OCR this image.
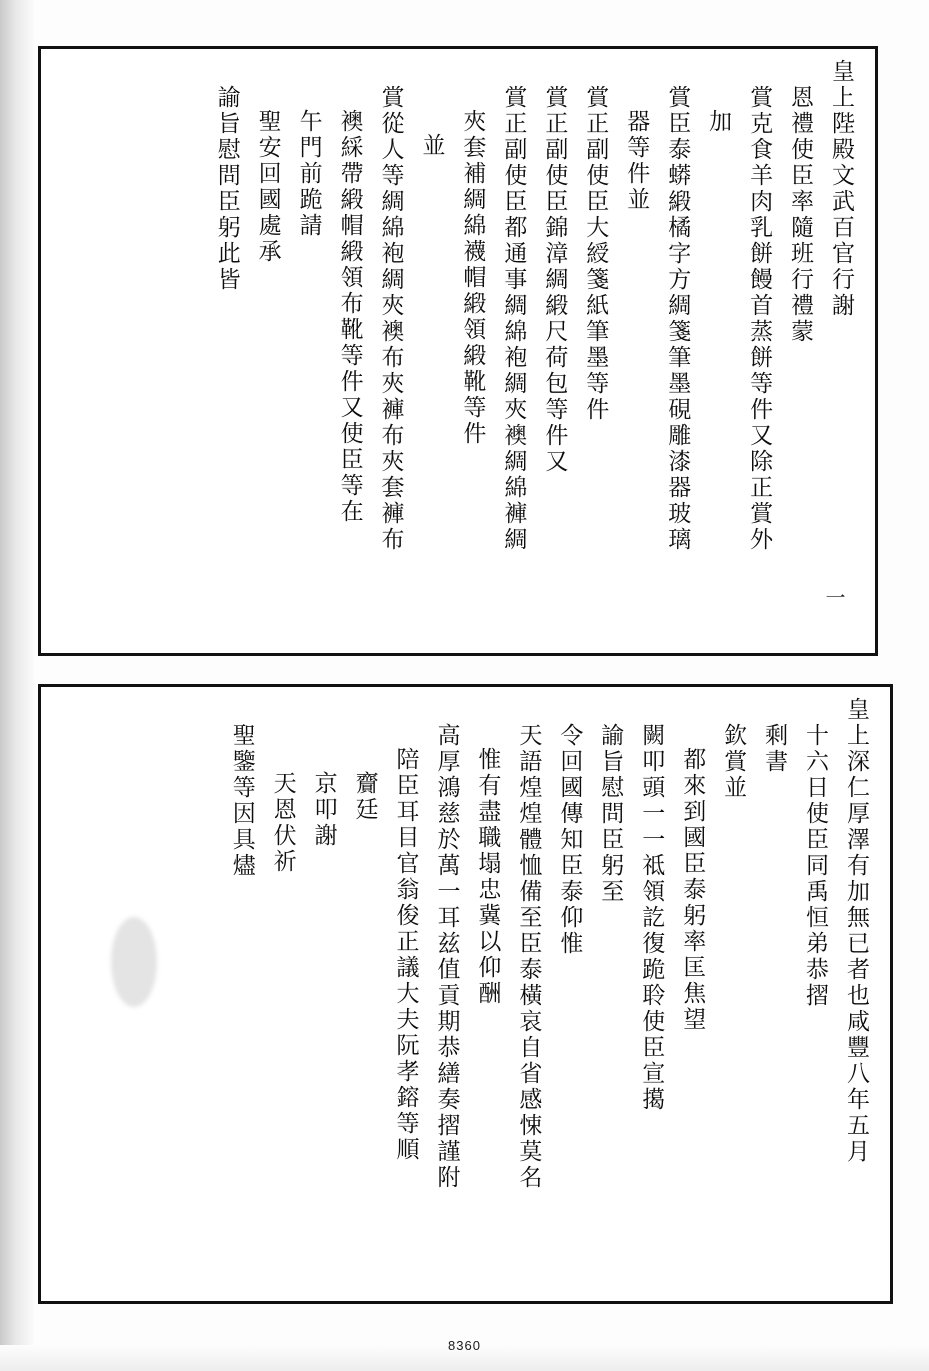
皇上陛殿文武百官行謝
恩禮使臣率隨班行禮蒙
賞克食羊肉乳餅饅首蒸餅等件又除正賞外
加
賞臣泰蟒緞橘字方綢箋筆墨硯雕漆器玻璃
器等件並
賞正副使臣大綬箋紙筆墨等件
賞正副使臣錦漳綢緞尺荷包等件又
賞正副使臣都通事綢綿袍綢夾襖綢綿褲綢
夾套補綢綿襪帽緞領緞靴等件
並
賞從人等綢綿袍綢夾襖布夾褲布夾套褲布
襖綵帶緞帽緞領布靴等件又使臣等在
午門前跪請
聖安回國處承
諭旨慰問臣躬此皆
一
皇上深仁厚澤有加無已者也咸豐八年五月
十六日使臣同禹恒弟恭摺
剩書
欽賞並
都來到國臣泰躬率匡焦望
闕叩頭一一祗領訖復跪聆使臣宣擖
諭旨慰問臣躬至
令回國傳知臣泰仰惟
天語煌煌體恤備至臣泰橫哀自省感悚莫名
惟有盡職塌忠冀以仰酬
高厚鴻慈於萬一耳兹值貢期恭繕奏摺謹附
陪臣耳目官翁俊正議大夫阮孝鎔等順
齎廷
京叩謝
天恩伏祈
聖鑒等因具燼
8360
